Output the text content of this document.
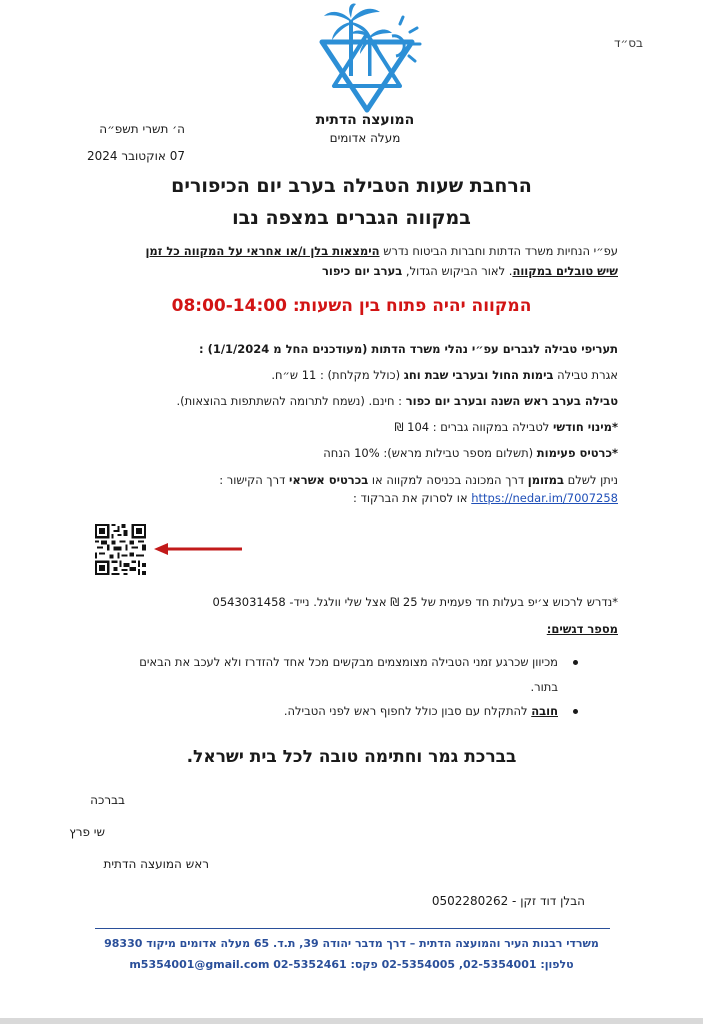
בס״ד
המועצה הדתית
מעלה אדומים
ה׳ תשרי תשפ״ה
07 אוקטובר 2024
הרחבת שעות הטבילה בערב יום הכיפורים
במקווה הגברים במצפה נבו
עפ״י הנחיות משרד הדתות וחברות הביטוח נדרש הימצאות בלן ו/או אחראי על המקווה כל זמן
שיש טובלים במקווה. לאור הביקוש הגדול, בערב יום כיפור
המקווה יהיה פתוח בין השעות: 08:00-14:00
תעריפי טבילה לגברים עפ״י נהלי משרד הדתות (מעודכנים החל מ 1/1/2024) :
אגרת טבילה בימות החול ובערבי שבת וחג (כולל מקלחת) : 11 ש״ח.
טבילה בערב ראש השנה ובערב יום כפור : חינם. (נשמח לתרומה להשתתפות בהוצאות).
*מינוי חודשי לטבילה במקווה גברים : 104 ₪
*כרטיס פעימות (תשלום מספר טבילות מראש): 10% הנחה
ניתן לשלם במזומן דרך המכונה בכניסה למקווה או בכרטיס אשראי דרך הקישור :
https://nedar.im/7007258 או לסרוק את הברקוד :
*נדרש לרכוש צ׳יפ בעלות חד פעמית של 25 ₪ אצל שלי וולגל. נייד- 0543031458
מספר דגשים:
מכיוון שכרגע זמני הטבילה מצומצמים מבקשים מכל אחד להזדרז ולא לעכב את הבאים
בתור.
חובה להתקלח עם סבון כולל לחפוף ראש לפני הטבילה.
בברכת גמר וחתימה טובה לכל בית ישראל.
בברכה
שי פרץ
ראש המועצה הדתית
הבלן דוד זקן - 0502280262
משרדי רבנות העיר והמועצה הדתית – דרך מדבר יהודה 39, ת.ד. 65 מעלה אדומים מיקוד 98330
טלפון: 02-5354001, 02-5354005 פקס: 02-5352461 m5354001@gmail.com
